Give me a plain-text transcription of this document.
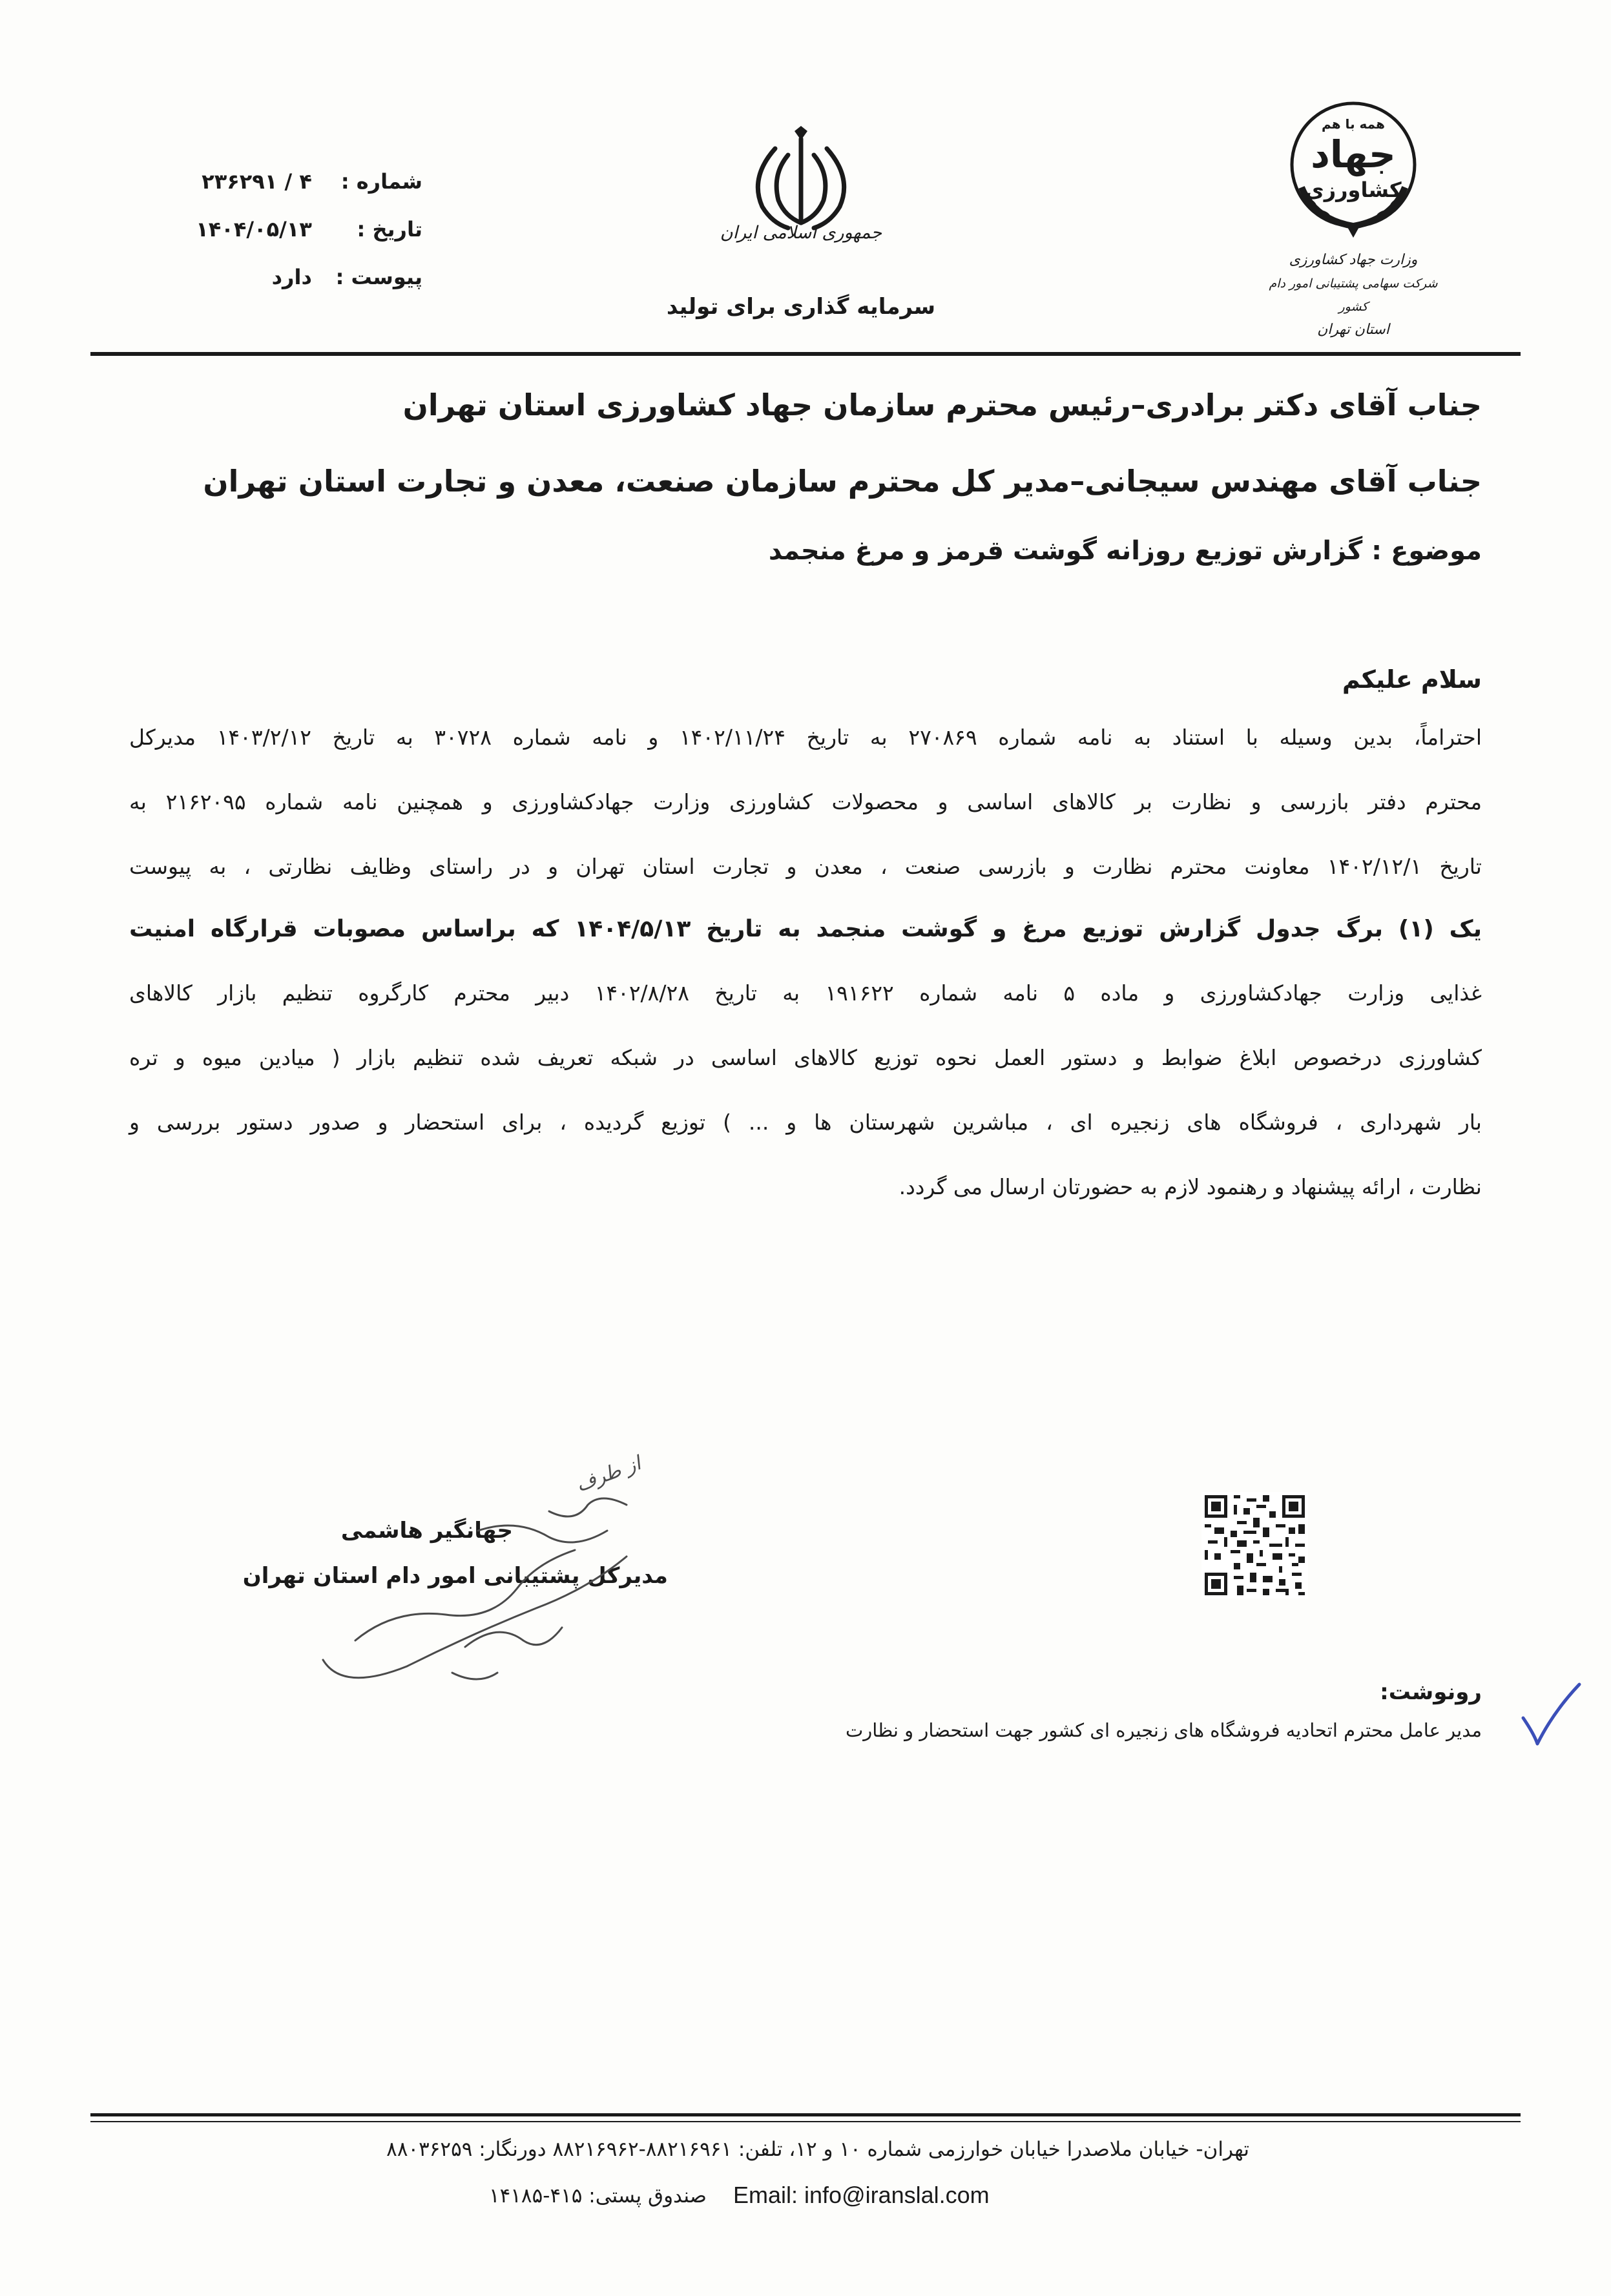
شماره : ۴ / ۲۳۶۲۹۱
تاریخ : ۱۴۰۴/۰۵/۱۳
پیوست : دارد
جمهوری اسلامی ایران
سرمایه گذاری برای تولید
همه با هم
جهاد
کشاورزی
وزارت جهاد کشاورزی
شرکت سهامی پشتیبانی امور دام کشور
استان تهران
جناب آقای دکتر برادری–رئیس محترم سازمان جهاد کشاورزی استان تهران
جناب آقای مهندس سیجانی–مدیر کل محترم سازمان صنعت، معدن و تجارت استان تهران
موضوع : گزارش توزیع روزانه گوشت قرمز و مرغ منجمد
سلام علیکم
احتراماً، بدین وسیله با استناد به نامه شماره ۲۷۰۸۶۹ به تاریخ ۱۴۰۲/۱۱/۲۴ و نامه شماره ۳۰۷۲۸ به تاریخ ۱۴۰۳/۲/۱۲ مدیرکل
محترم دفتر بازرسی و نظارت بر کالاهای اساسی و محصولات کشاورزی وزارت جهادکشاورزی و همچنین نامه شماره ۲۱۶۲۰۹۵ به
تاریخ ۱۴۰۲/۱۲/۱ معاونت محترم نظارت و بازرسی صنعت ، معدن و تجارت استان تهران و در راستای وظایف نظارتی ، به پیوست
یک (۱) برگ جدول گزارش توزیع مرغ و گوشت منجمد به تاریخ ۱۴۰۴/۵/۱۳ که براساس مصوبات قرارگاه امنیت
غذایی وزارت جهادکشاورزی و ماده ۵ نامه شماره ۱۹۱۶۲۲ به تاریخ ۱۴۰۲/۸/۲۸ دبیر محترم کارگروه تنظیم بازار کالاهای
کشاورزی درخصوص ابلاغ ضوابط و دستور العمل نحوه توزیع کالاهای اساسی در شبکه تعریف شده تنظیم بازار ( میادین میوه و تره
بار شهرداری ، فروشگاه های زنجیره ای ، مباشرین شهرستان ها و ... ) توزیع گردیده ، برای استحضار و صدور دستور بررسی و
نظارت ، ارائه پیشنهاد و رهنمود لازم به حضورتان ارسال می گردد.
جهانگیر هاشمی
مدیرکل پشتیبانی امور دام استان تهران
از طرف
رونوشت:
مدیر عامل محترم اتحادیه فروشگاه های زنجیره ای کشور جهت استحضار و نظارت
تهران- خیابان ملاصدرا خیابان خوارزمی شماره ۱۰ و ۱۲، تلفن: ۸۸۲۱۶۹۶۱-۸۸۲۱۶۹۶۲ دورنگار: ۸۸۰۳۶۲۵۹
Email: info@iranslal.com
صندوق پستی: ۴۱۵-۱۴۱۸۵
